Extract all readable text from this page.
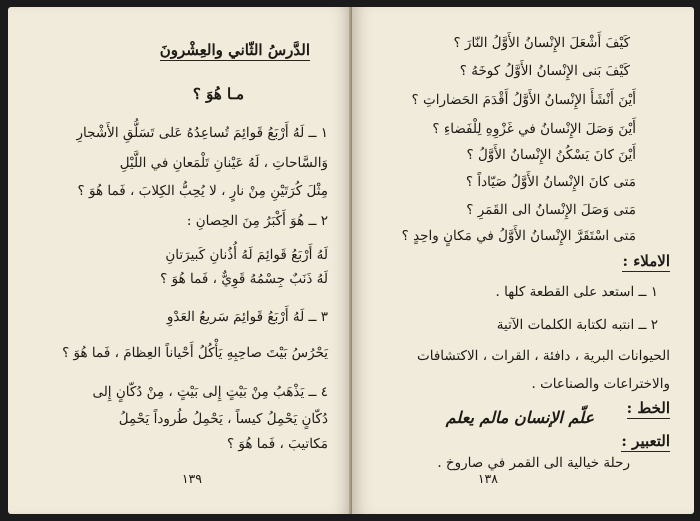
الدَّرسُ الثّاني والعِشْرونَ
مـا هُوَ ؟
١ ــ لَهُ أَرْبَعُ قَوائِمَ تُساعِدُهُ عَلى تَسَلُّقِ الأَشْجارِ
وَالسَّاحاتِ ، لَهُ عَيْنانِ تَلْمَعانِ في اللَّيْلِ
مِثْلَ كُرَتَيْنِ مِنْ نارٍ ، لا يُحِبُّ الكِلابَ ، فَما هُوَ ؟
٢ ــ هُوَ أَكْبَرُ مِنَ الحِصانِ :
لَهُ أَرْبَعُ قَوائِمَ لَهُ أُذُنانِ كَبيرَتانِ
لَهُ ذَنَبٌ جِسْمُهُ قَوِيٌّ ، فَما هُوَ ؟
٣ ــ لَهُ أَرْبَعُ قَوائِمَ سَريعُ العَدْوِ
يَحْرُسُ بَيْتَ صاحِبِهِ يَأْكُلُ أَحْياناً العِظامَ ، فَما هُوَ ؟
٤ ــ يَذْهَبُ مِنْ بَيْتٍ إِلى بَيْتٍ ، مِنْ دُكّانٍ إِلى
دُكّانٍ يَحْمِلُ كيساً ، يَحْمِلُ طُروداً يَحْمِلُ
مَكاتيبَ ، فَما هُوَ ؟
١٣٩
كَيْفَ أَشْعَلَ الإِنْسانُ الأَوَّلُ النّارَ ؟
كَيْفَ بَنى الإِنْسانُ الأَوَّلُ كوخَهُ ؟
أَيْنَ أَنْشَأَ الإِنْسانُ الأَوَّلُ أَقْدَمَ الحَضاراتِ ؟
أَيْنَ وَصَلَ الإِنْسانُ في غَزْوِهِ لِلْفَضاءِ ؟
أَيْنَ كانَ يَسْكُنُ الإِنْسانُ الأَوَّلُ ؟
مَتى كانَ الإِنْسانُ الأَوَّلُ صَيّاداً ؟
مَتى وَصَلَ الإِنْسانُ الى القَمَرِ ؟
مَتى اسْتَقَرَّ الإِنْسانُ الأَوَّلُ في مَكانٍ واحِدٍ ؟
الاملاء :
١ ــ استعد على القطعة كلها .
٢ ــ انتبه لكتابة الكلمات الآتية
الحيوانات البرية ، دافئة ، القرات ، الاكتشافات
والاختراعات والصناعات .
الخط :
علّم الإنسان مالم يعلم
التعبير :
رحلة خيالية الى القمر في صاروخ .
١٣٨
